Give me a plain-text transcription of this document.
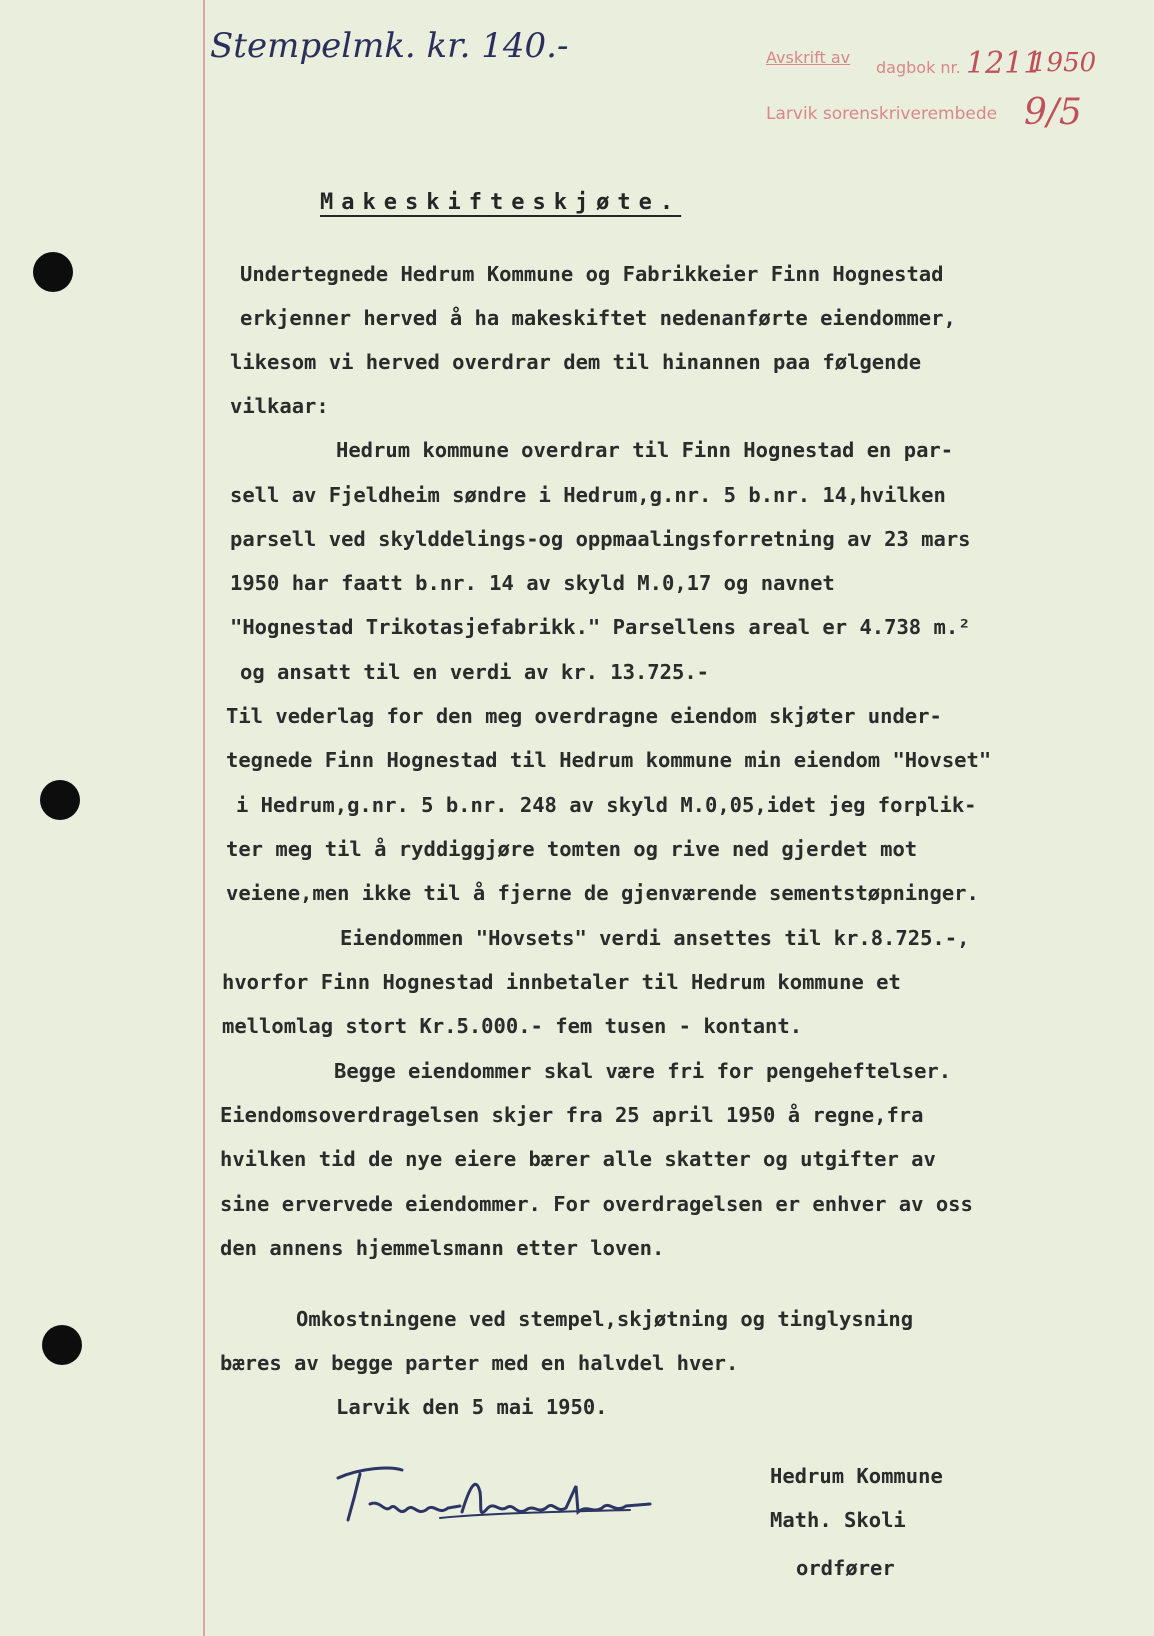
Stempelmk. kr. 140.-	Avskrift av
dagbok nr. 1211
1950
Larvik sorenskriverembede 9/5
Makeskifteskjøte.
Undertegnede Hedrum Kommune og Fabrikkeier Finn Hognestad
erkjenner herved å ha makeskiftet nedenanførte eiendommer,
likesom vi herved overdrar dem til hinannen paa følgende
vilkaar:
Hedrum kommune overdrar til Finn Hognestad en par-
sell av Fjeldheim søndre i Hedrum,g.nr. 5 b.nr. 14,hvilken
parsell ved skylddelings-og oppmaalingsforretning av 23 mars
1950 har faatt b.nr. 14 av skyld M.0,17 og navnet
"Hognestad Trikotasjefabrikk." Parsellens areal er 4.738 m.²
og ansatt til en verdi av kr. 13.725.-
Til vederlag for den meg overdragne eiendom skjøter under-
tegnede Finn Hognestad til Hedrum kommune min eiendom "Hovset"
i Hedrum,g.nr. 5 b.nr. 248 av skyld M.0,05,idet jeg forplik-
ter meg til å ryddiggjøre tomten og rive ned gjerdet mot
veiene,men ikke til å fjerne de gjenværende sementstøpninger.
Eiendommen "Hovsets" verdi ansettes til kr.8.725.-,
hvorfor Finn Hognestad innbetaler til Hedrum kommune et
mellomlag stort Kr.5.000.- fem tusen - kontant.
Begge eiendommer skal være fri for pengeheftelser.
Eiendomsoverdragelsen skjer fra 25 april 1950 å regne,fra
hvilken tid de nye eiere bærer alle skatter og utgifter av
sine ervervede eiendommer. For overdragelsen er enhver av oss
den annens hjemmelsmann etter loven.
Omkostningene ved stempel,skjøtning og tinglysning
bæres av begge parter med en halvdel hver.
Larvik den 5 mai 1950.
Hedrum Kommune
Math. Skoli
ordfører
